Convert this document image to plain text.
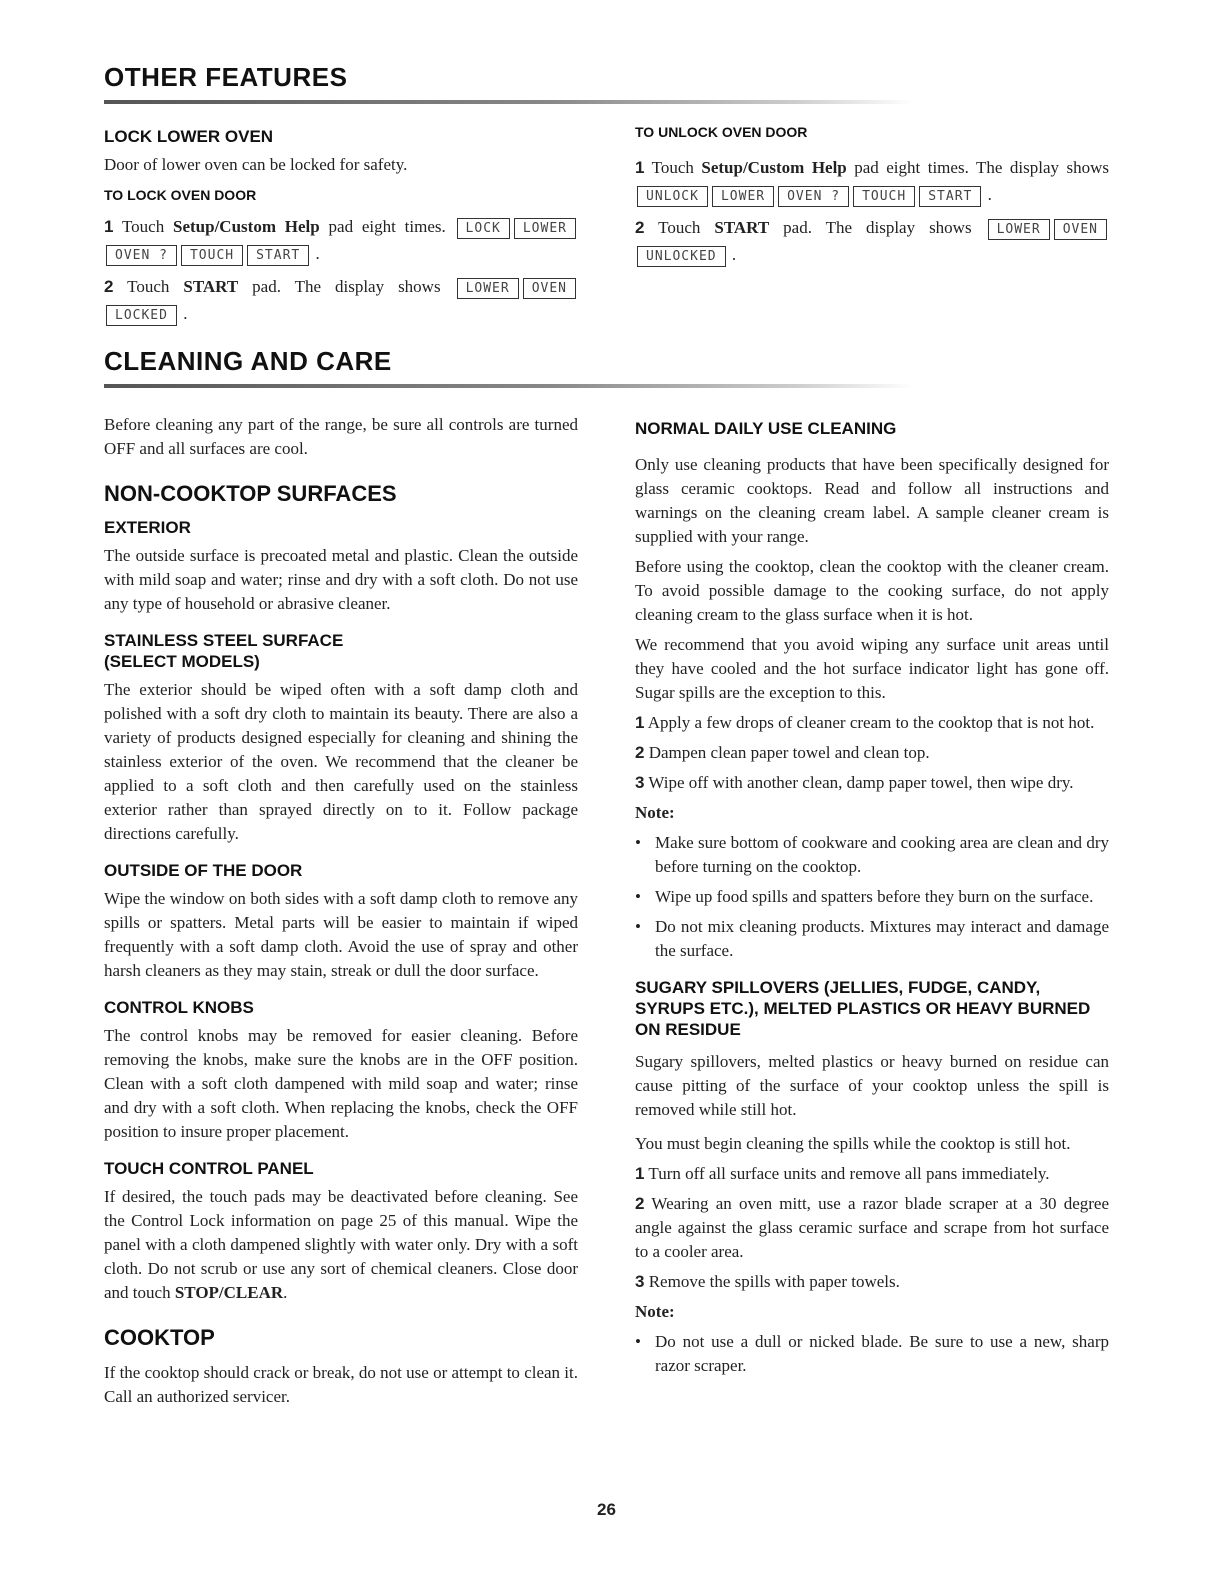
OTHER FEATURES
LOCK LOWER OVEN

Door of lower oven can be locked for safety.

TO LOCK OVEN DOOR

1 Touch Setup/Custom Help pad eight times. LOCK LOWEROVEN ? TOUCH START .

2 Touch START pad. The display shows LOWER OVENLOCKED .

TO UNLOCK OVEN DOOR

1 Touch Setup/Custom Help pad eight times. The display shows UNLOCK LOWER OVEN ? TOUCH START .

2 Touch START pad. The display shows LOWER OVENUNLOCKED .

CLEANING AND CARE

Before cleaning any part of the range, be sure all controls are turned OFF and all surfaces are cool.

NON-COOKTOP SURFACES
EXTERIOR

The outside surface is precoated metal and plastic. Clean the outside with mild soap and water; rinse and dry with a soft cloth. Do not use any type of household or abrasive cleaner.

STAINLESS STEEL SURFACE
(SELECT MODELS)

The exterior should be wiped often with a soft damp cloth and polished with a soft dry cloth to maintain its beauty. There are also a variety of products designed especially for cleaning and shining the stainless exterior of the oven. We recommend that the cleaner be applied to a soft cloth and then carefully used on the stainless exterior rather than sprayed directly on to it. Follow package directions carefully.

OUTSIDE OF THE DOOR

Wipe the window on both sides with a soft damp cloth to remove any spills or spatters. Metal parts will be easier to maintain if wiped frequently with a soft damp cloth. Avoid the use of spray and other harsh cleaners as they may stain, streak or dull the door surface.

CONTROL KNOBS

The control knobs may be removed for easier cleaning. Before removing the knobs, make sure the knobs are in the OFF position. Clean with a soft cloth dampened with mild soap and water; rinse and dry with a soft cloth. When replacing the knobs, check the OFF position to insure proper placement.

TOUCH CONTROL PANEL

If desired, the touch pads may be deactivated before cleaning. See the Control Lock information on page 25 of this manual. Wipe the panel with a cloth dampened slightly with water only. Dry with a soft cloth. Do not scrub or use any sort of chemical cleaners. Close door and touch STOP/CLEAR.

COOKTOP

If the cooktop should crack or break, do not use or attempt to clean it. Call an authorized servicer.

NORMAL DAILY USE CLEANING

Only use cleaning products that have been specifically designed for glass ceramic cooktops. Read and follow all instructions and warnings on the cleaning cream label. A sample cleaner cream is supplied with your range.

Before using the cooktop, clean the cooktop with the cleaner cream. To avoid possible damage to the cooking surface, do not apply cleaning cream to the glass surface when it is hot.

We recommend that you avoid wiping any surface unit areas until they have cooled and the hot surface indicator light has gone off. Sugar spills are the exception to this.

1 Apply a few drops of cleaner cream to the cooktop that is not hot.

2 Dampen clean paper towel and clean top.

3 Wipe off with another clean, damp paper towel, then wipe dry.

Note:

• Make sure bottom of cookware and cooking area are clean and dry before turning on the cooktop.
• Wipe up food spills and spatters before they burn on the surface.
• Do not mix cleaning products. Mixtures may interact and damage the surface.
SUGARY SPILLOVERS (JELLIES, FUDGE, CANDY, SYRUPS ETC.), MELTED PLASTICS OR HEAVY BURNED ON RESIDUE

Sugary spillovers, melted plastics or heavy burned on residue can cause pitting of the surface of your cooktop unless the spill is removed while still hot.

You must begin cleaning the spills while the cooktop is still hot.

1 Turn off all surface units and remove all pans immediately.

2 Wearing an oven mitt, use a razor blade scraper at a 30 degree angle against the glass ceramic surface and scrape from hot surface to a cooler area.

3 Remove the spills with paper towels.

Note:

• Do not use a dull or nicked blade. Be sure to use a new, sharp razor scraper.
26
